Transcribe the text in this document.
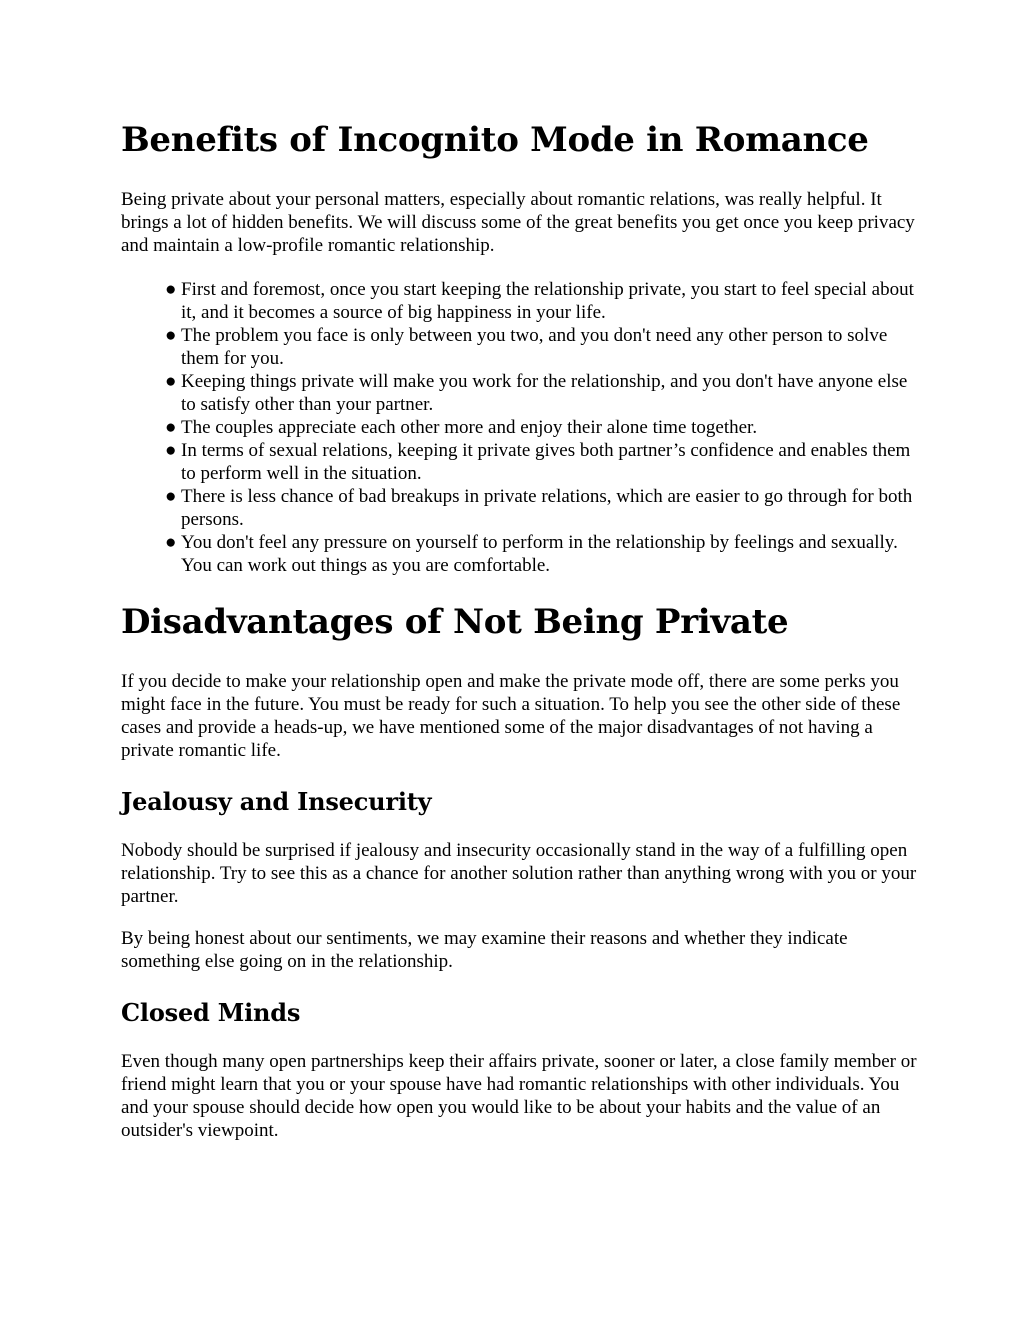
Benefits of Incognito Mode in Romance

Being private about your personal matters, especially about romantic relations, was really helpful. It brings a lot of hidden benefits. We will discuss some of the great benefits you get once you keep privacy and maintain a low-profile romantic relationship.

● First and foremost, once you start keeping the relationship private, you start to feel special about it, and it becomes a source of big happiness in your life.
● The problem you face is only between you two, and you don't need any other person to solve them for you.
● Keeping things private will make you work for the relationship, and you don't have anyone else to satisfy other than your partner.
● The couples appreciate each other more and enjoy their alone time together.
● In terms of sexual relations, keeping it private gives both partner’s confidence and enables them to perform well in the situation.
● There is less chance of bad breakups in private relations, which are easier to go through for both persons.
● You don't feel any pressure on yourself to perform in the relationship by feelings and sexually. You can work out things as you are comfortable.
Disadvantages of Not Being Private

If you decide to make your relationship open and make the private mode off, there are some perks you might face in the future. You must be ready for such a situation. To help you see the other side of these cases and provide a heads-up, we have mentioned some of the major disadvantages of not having a private romantic life.

Jealousy and Insecurity

Nobody should be surprised if jealousy and insecurity occasionally stand in the way of a fulfilling open relationship. Try to see this as a chance for another solution rather than anything wrong with you or your partner.

By being honest about our sentiments, we may examine their reasons and whether they indicate something else going on in the relationship.

Closed Minds

Even though many open partnerships keep their affairs private, sooner or later, a close family member or friend might learn that you or your spouse have had romantic relationships with other individuals. You and your spouse should decide how open you would like to be about your habits and the value of an outsider's viewpoint.
